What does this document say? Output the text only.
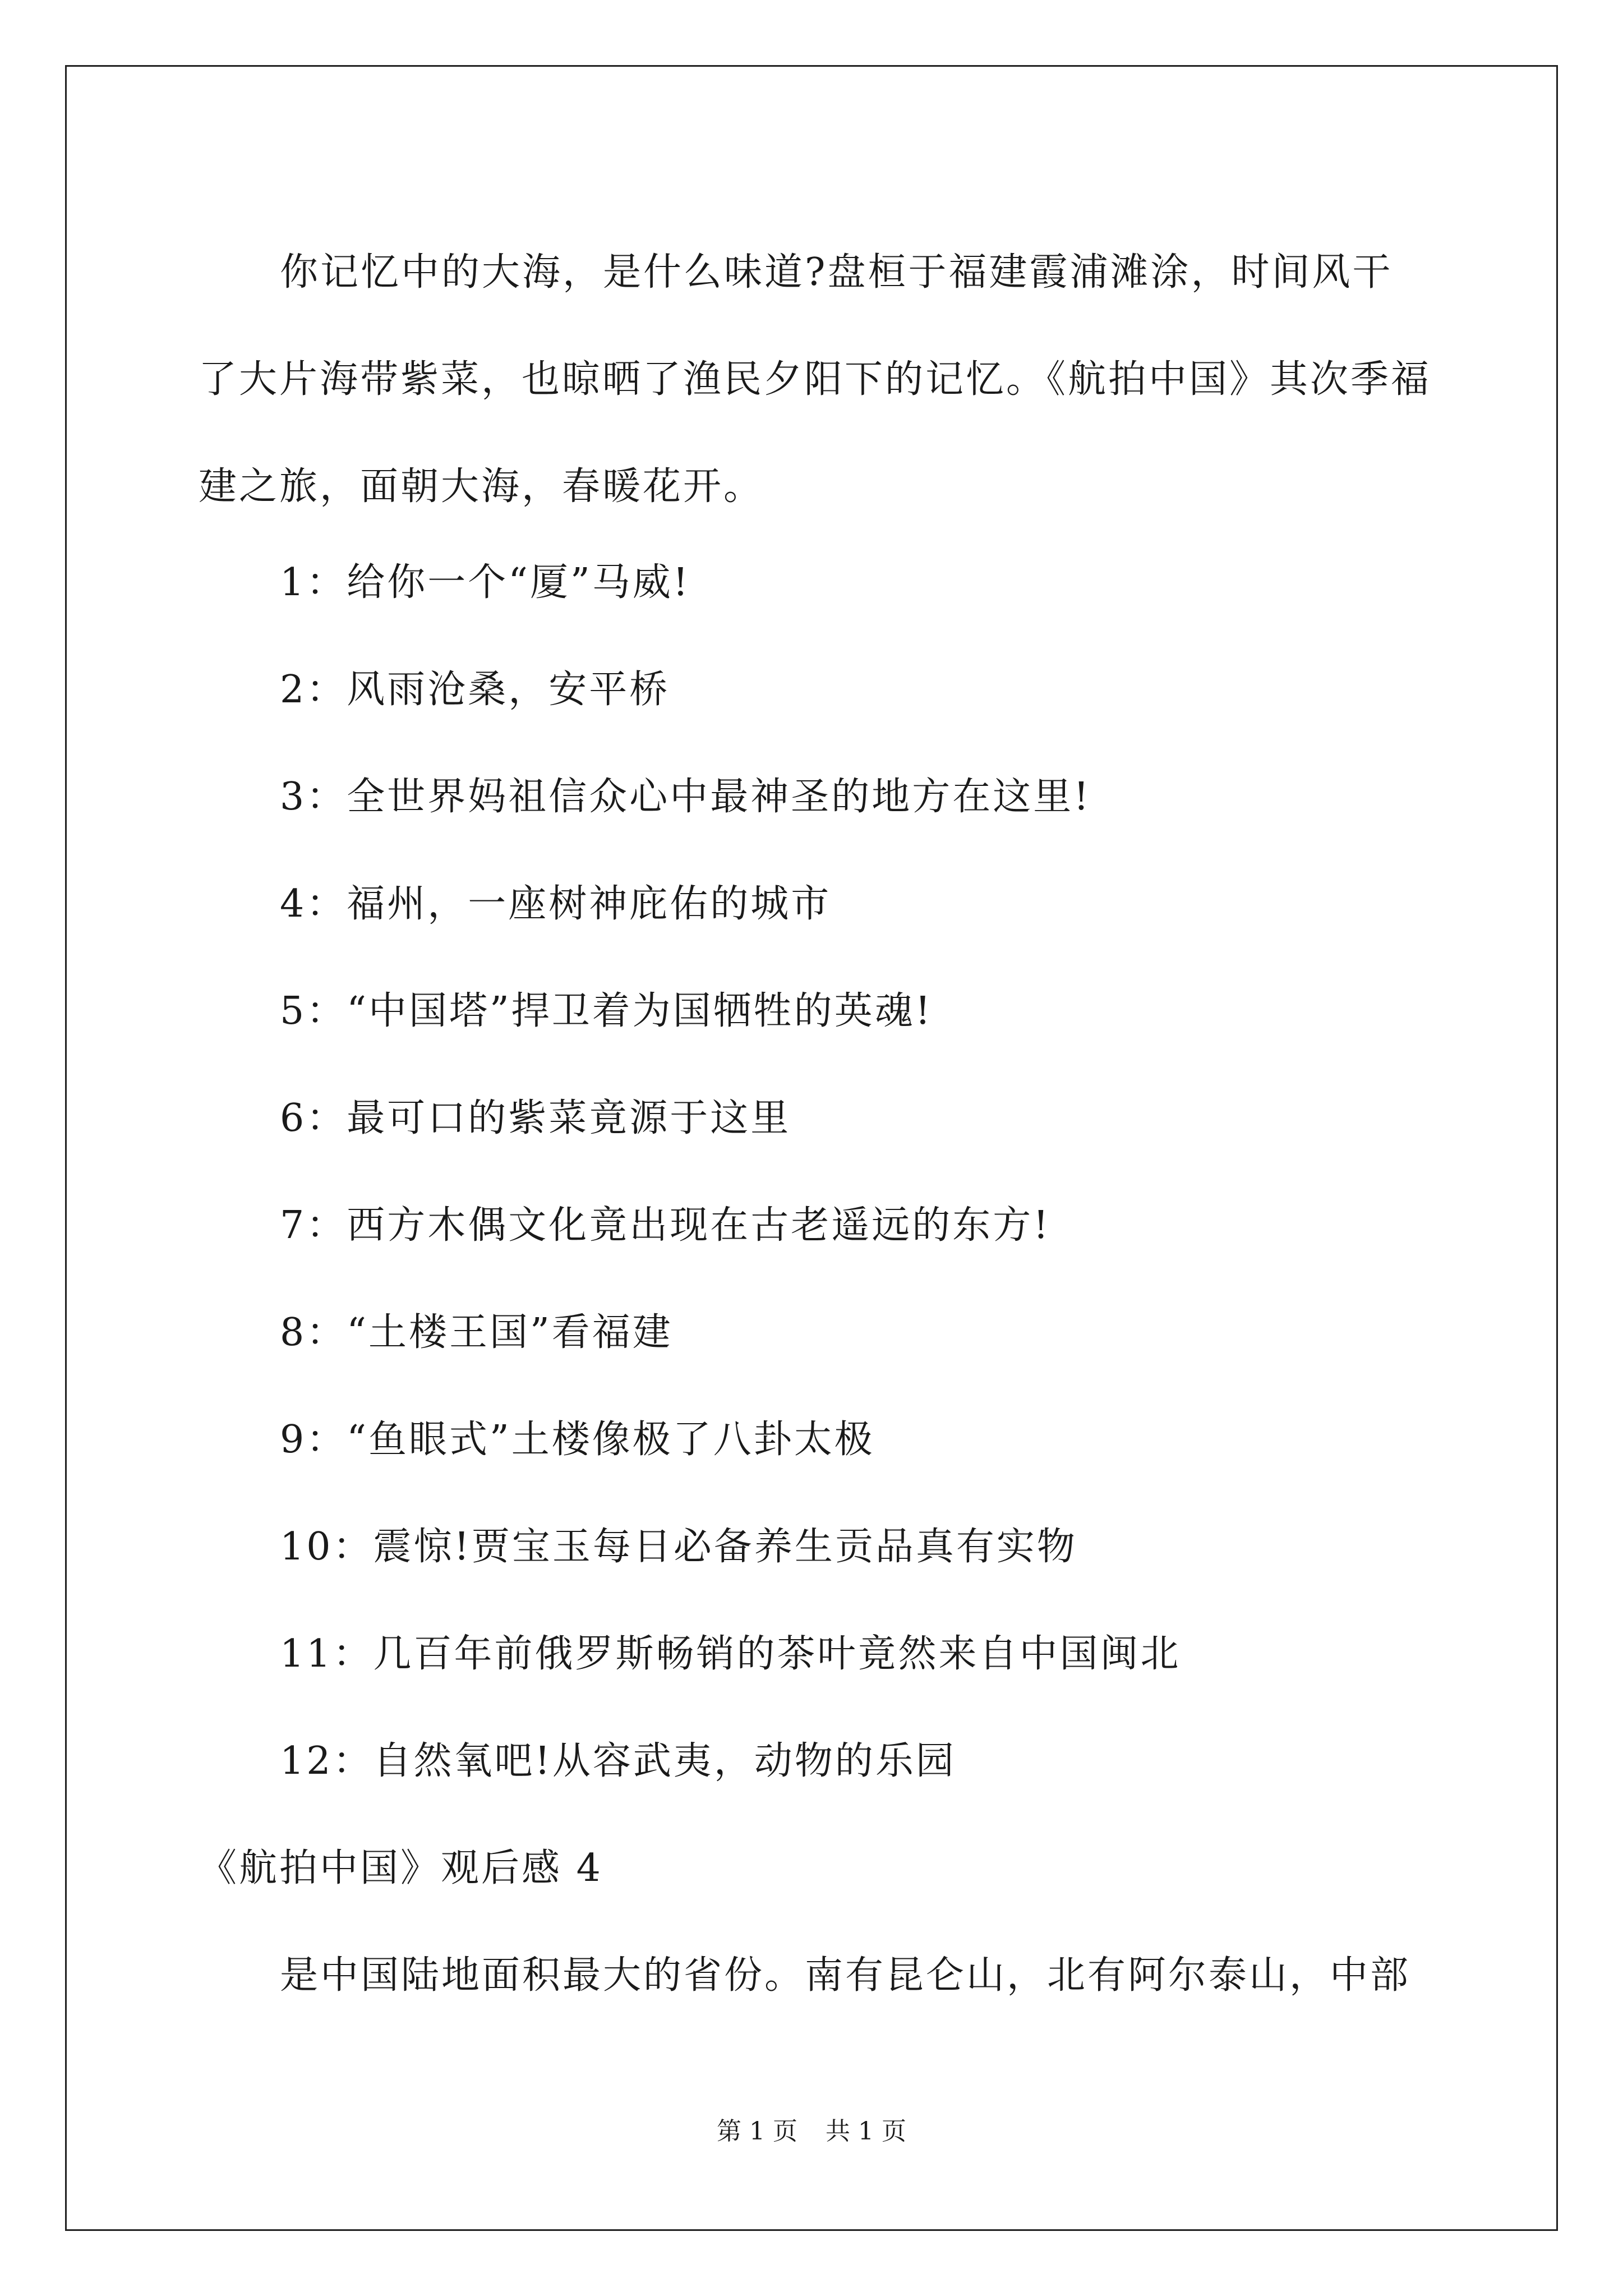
你记忆中的大海，是什么味道?盘桓于福建霞浦滩涂，时间风干了大片海带紫菜，也晾晒了渔民夕阳下的记忆。《航拍中国》其次季福建之旅，面朝大海，春暖花开。

1：给你一个“厦”马威!
2：风雨沧桑，安平桥
3：全世界妈祖信众心中最神圣的地方在这里!
4：福州，一座树神庇佑的城市
5：“中国塔”捍卫着为国牺牲的英魂!
6：最可口的紫菜竟源于这里
7：西方木偶文化竟出现在古老遥远的东方!
8：“土楼王国”看福建
9：“鱼眼式”土楼像极了八卦太极
10：震惊!贾宝玉每日必备养生贡品真有实物
11：几百年前俄罗斯畅销的茶叶竟然来自中国闽北
12：自然氧吧!从容武夷，动物的乐园
《航拍中国》观后感 4
是中国陆地面积最大的省份。南有昆仑山，北有阿尔泰山，中部
第 1 页 共 1 页
